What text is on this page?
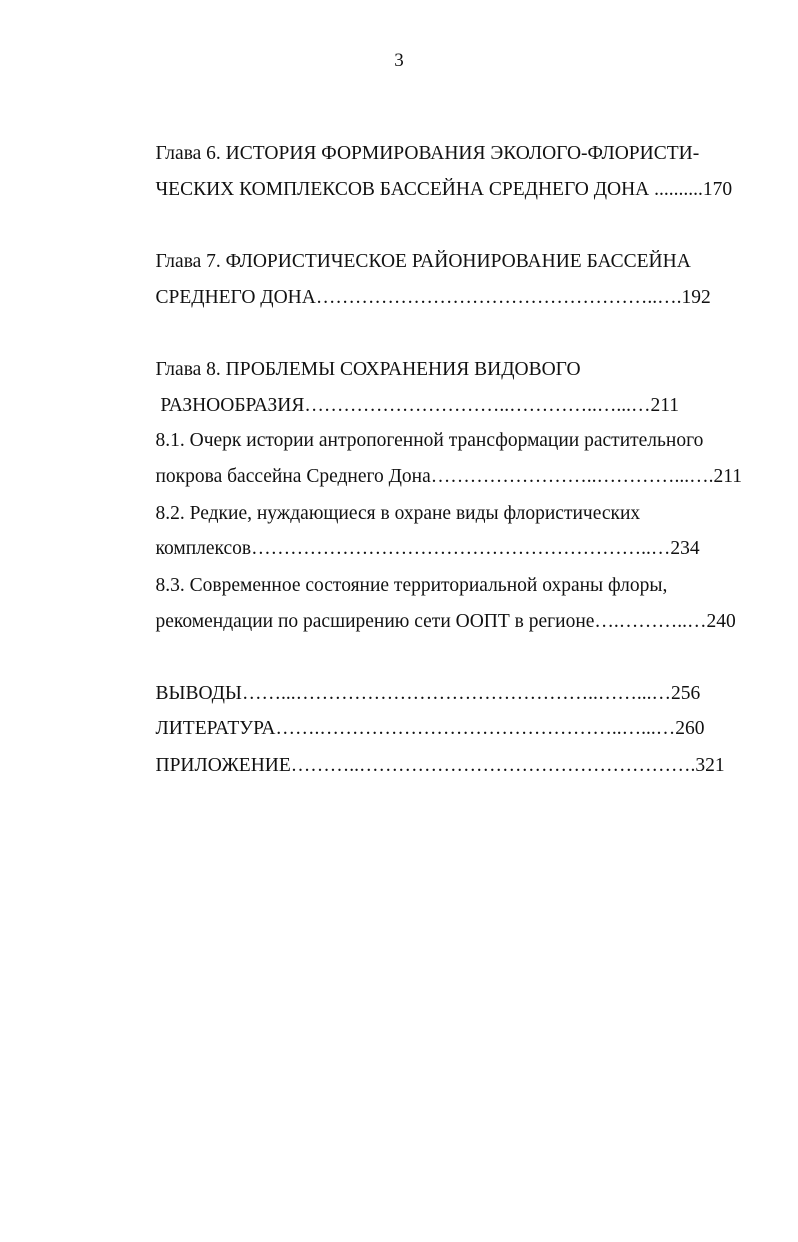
3

Глава 6. ИСТОРИЯ ФОРМИРОВАНИЯ ЭКОЛОГО-ФЛОРИСТИ-

ЧЕСКИХ КОМПЛЕКСОВ БАССЕЙНА СРЕДНЕГО ДОНА ..........170

Глава 7. ФЛОРИСТИЧЕСКОЕ РАЙОНИРОВАНИЕ БАССЕЙНА

СРЕДНЕГО ДОНА……………………………………………..….192

Глава 8. ПРОБЛЕМЫ СОХРАНЕНИЯ ВИДОВОГО

РАЗНООБРАЗИЯ…………………………..…………..…...…211

8.1. Очерк истории антропогенной трансформации растительного

покрова бассейна Среднего Дона……………………..…………...….211

8.2. Редкие, нуждающиеся в охране виды флористических

комплексов……………………………………………………..…234

8.3. Современное состояние территориальной охраны флоры,

рекомендации по расширению сети ООПТ в регионе….………..…240

ВЫВОДЫ……...………………………………………..……...…256

ЛИТЕРАТУРА…….………………………………………..…...…260

ПРИЛОЖЕНИЕ………..…………………………………………….321
